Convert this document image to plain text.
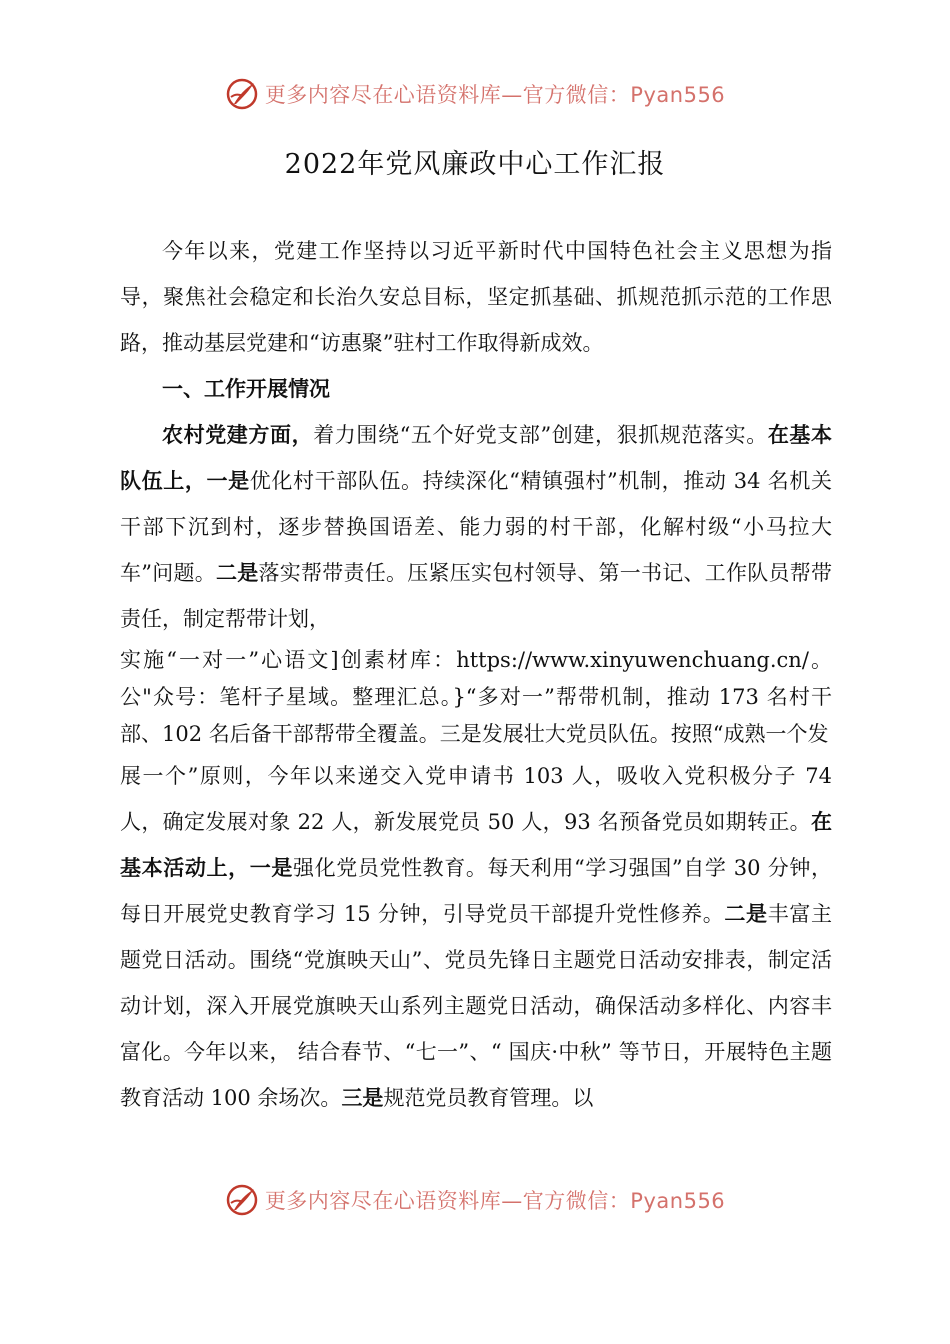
更多内容尽在心语资料库—官方微信：Pyan556
2022年党风廉政中心工作汇报

今年以来，党建工作坚持以习近平新时代中国特色社会主义思想为指导，聚焦社会稳定和长治久安总目标，坚定抓基础、抓规范抓示范的工作思路，推动基层党建和“访惠聚”驻村工作取得新成效。

一、工作开展情况

农村党建方面，着力围绕“五个好党支部”创建，狠抓规范落实。在基本队伍上，一是优化村干部队伍。持续深化“精镇强村”机制，推动 34 名机关干部下沉到村，逐步替换国语差、能力弱的村干部，化解村级“小马拉大车”问题。二是落实帮带责任。压紧压实包村领导、第一书记、工作队员帮带责任，制定帮带计划，

实施“一对一”心语文]创素材库：https://www.xinyuwenchuang.cn/。公"众号：笔杆子星域。整理汇总。}“多对一”帮带机制，推动 173 名村干部、102 名后备干部帮带全覆盖。三是发展壮大党员队伍。按照“成熟一个发

展一个”原则，今年以来递交入党申请书 103 人，吸收入党积极分子 74 人，确定发展对象 22 人，新发展党员 50 人，93 名预备党员如期转正。在基本活动上，一是强化党员党性教育。每天利用“学习强国”自学 30 分钟，每日开展党史教育学习 15 分钟，引导党员干部提升党性修养。二是丰富主题党日活动。围绕“党旗映天山”、党员先锋日主题党日活动安排表，制定活动计划，深入开展党旗映天山系列主题党日活动，确保活动多样化、内容丰富化。今年以来， 结合春节、“七一”、“ 国庆·中秋” 等节日，开展特色主题教育活动 100 余场次。三是规范党员教育管理。以

更多内容尽在心语资料库—官方微信：Pyan556
